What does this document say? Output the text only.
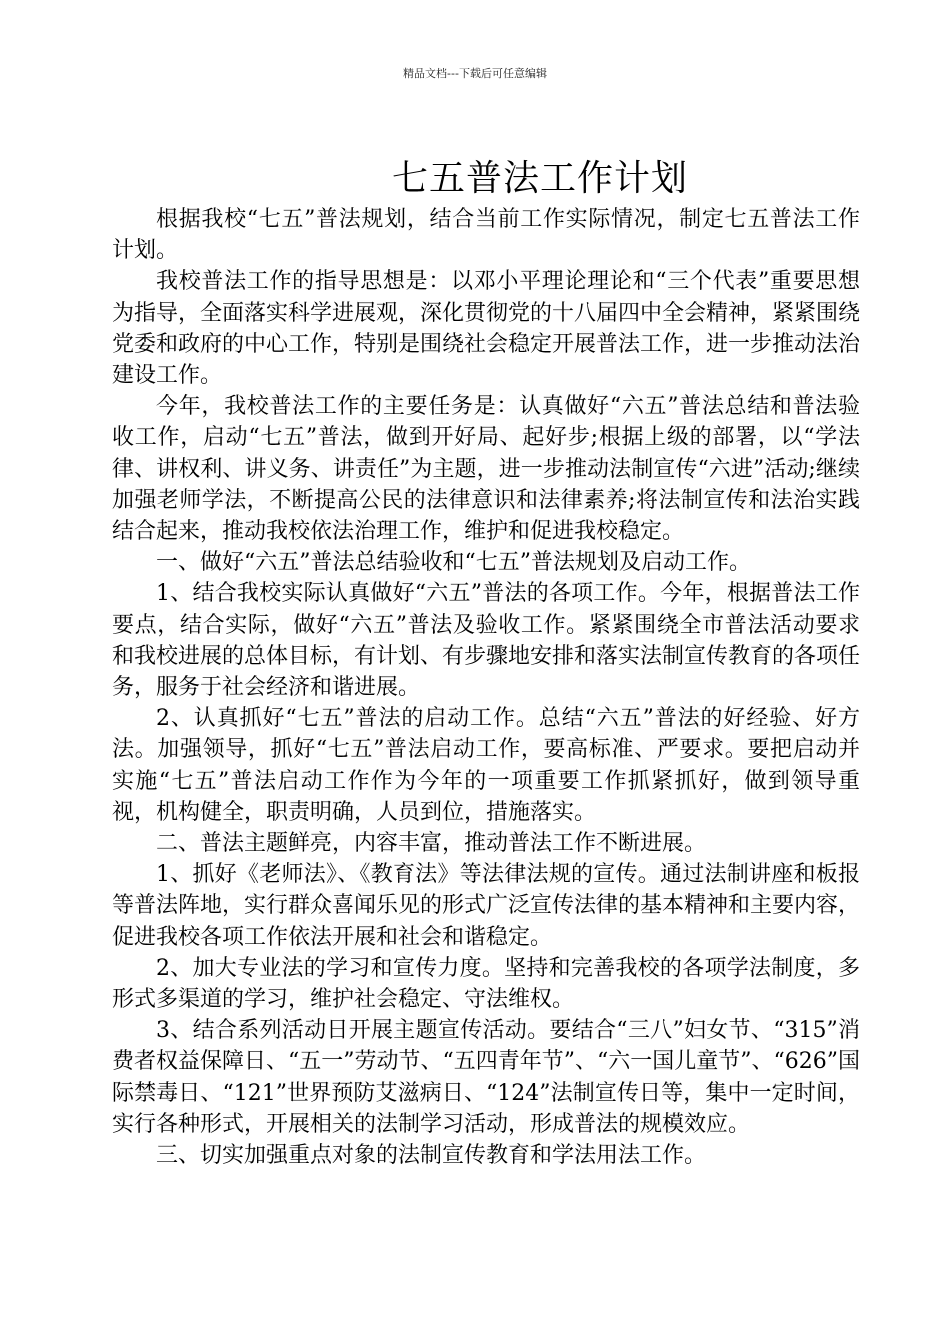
精品文档---下载后可任意编辑
七五普法工作计划

根据我校“七五”普法规划，结合当前工作实际情况，制定七五普法工作计划。

我校普法工作的指导思想是：以邓小平理论理论和“三个代表”重要思想为指导，全面落实科学进展观，深化贯彻党的十八届四中全会精神，紧紧围绕党委和政府的中心工作，特别是围绕社会稳定开展普法工作，进一步推动法治建设工作。

今年，我校普法工作的主要任务是：认真做好“六五”普法总结和普法验收工作，启动“七五”普法，做到开好局、起好步;根据上级的部署，以“学法律、讲权利、讲义务、讲责任”为主题，进一步推动法制宣传“六进”活动;继续加强老师学法，不断提高公民的法律意识和法律素养;将法制宣传和法治实践结合起来，推动我校依法治理工作，维护和促进我校稳定。

一、做好“六五”普法总结验收和“七五”普法规划及启动工作。

1、结合我校实际认真做好“六五”普法的各项工作。今年，根据普法工作要点，结合实际，做好“六五”普法及验收工作。紧紧围绕全市普法活动要求和我校进展的总体目标，有计划、有步骤地安排和落实法制宣传教育的各项任务，服务于社会经济和谐进展。

2、认真抓好“七五”普法的启动工作。总结“六五”普法的好经验、好方法。加强领导，抓好“七五”普法启动工作，要高标准、严要求。要把启动并实施“七五”普法启动工作作为今年的一项重要工作抓紧抓好，做到领导重视，机构健全，职责明确，人员到位，措施落实。

二、普法主题鲜亮，内容丰富，推动普法工作不断进展。

1、抓好《老师法》、《教育法》等法律法规的宣传。通过法制讲座和板报等普法阵地，实行群众喜闻乐见的形式广泛宣传法律的基本精神和主要内容，促进我校各项工作依法开展和社会和谐稳定。

2、加大专业法的学习和宣传力度。坚持和完善我校的各项学法制度，多形式多渠道的学习，维护社会稳定、守法维权。

3、结合系列活动日开展主题宣传活动。要结合“三八”妇女节、“315”消费者权益保障日、“五一”劳动节、“五四青年节”、“六一国儿童节”、“626”国际禁毒日、“121”世界预防艾滋病日、“124”法制宣传日等，集中一定时间，实行各种形式，开展相关的法制学习活动，形成普法的规模效应。

三、切实加强重点对象的法制宣传教育和学法用法工作。
